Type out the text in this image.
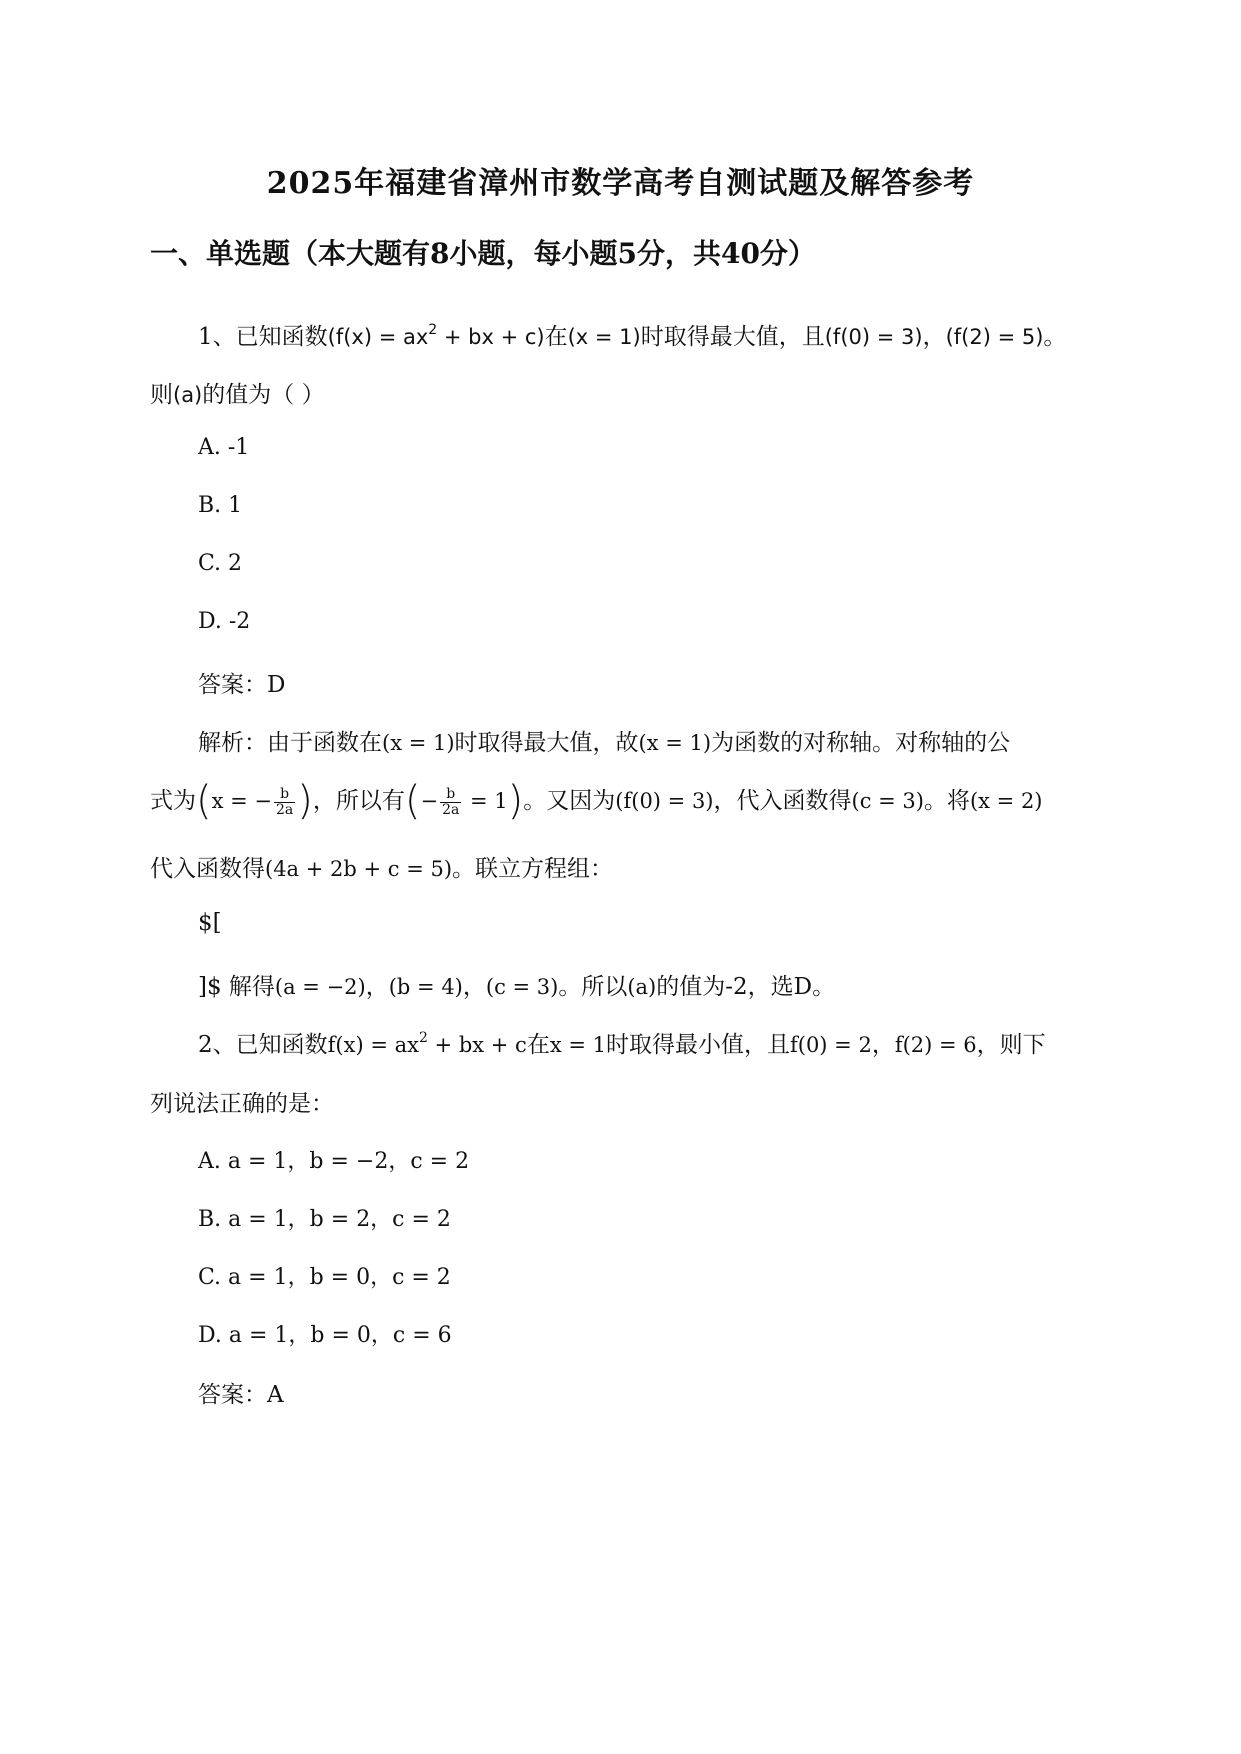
2025年福建省漳州市数学高考自测试题及解答参考
一、单选题（本大题有8小题，每小题5分，共40分）
1、已知函数($f(x) = ax^2$ + bx + c)在(x = 1)时取得最大值，且(f(0) = 3)，(f(2) = 5)。
则(a)的值为（ ）
A. -1
B. 1
C. 2
D. -2
答案：D
解析：由于函数在(x = 1)时取得最大值，故(x = 1)为函数的对称轴。对称轴的公
式为(x = − $\frac{b}{2a}$ )，所以有(− $\frac{b}{2a} = 1$)。又因为(f(0) = 3)，代入函数得(c = 3)。将(x = 2)
代入函数得(4a + 2b + c = 5)。联立方程组：
$[
]$ 解得(a = −2)，(b = 4)，(c = 3)。所以(a)的值为-2，选D。
2、已知函数$f(x) = ax^2$ + bx + c在x = 1时取得最小值，且f(0) = 2，f(2) = 6，则下
列说法正确的是：
A. a = 1，b = −2，c = 2
B. a = 1，b = 2，c = 2
C. a = 1，b = 0，c = 2
D. a = 1，b = 0，c = 6
答案：A
